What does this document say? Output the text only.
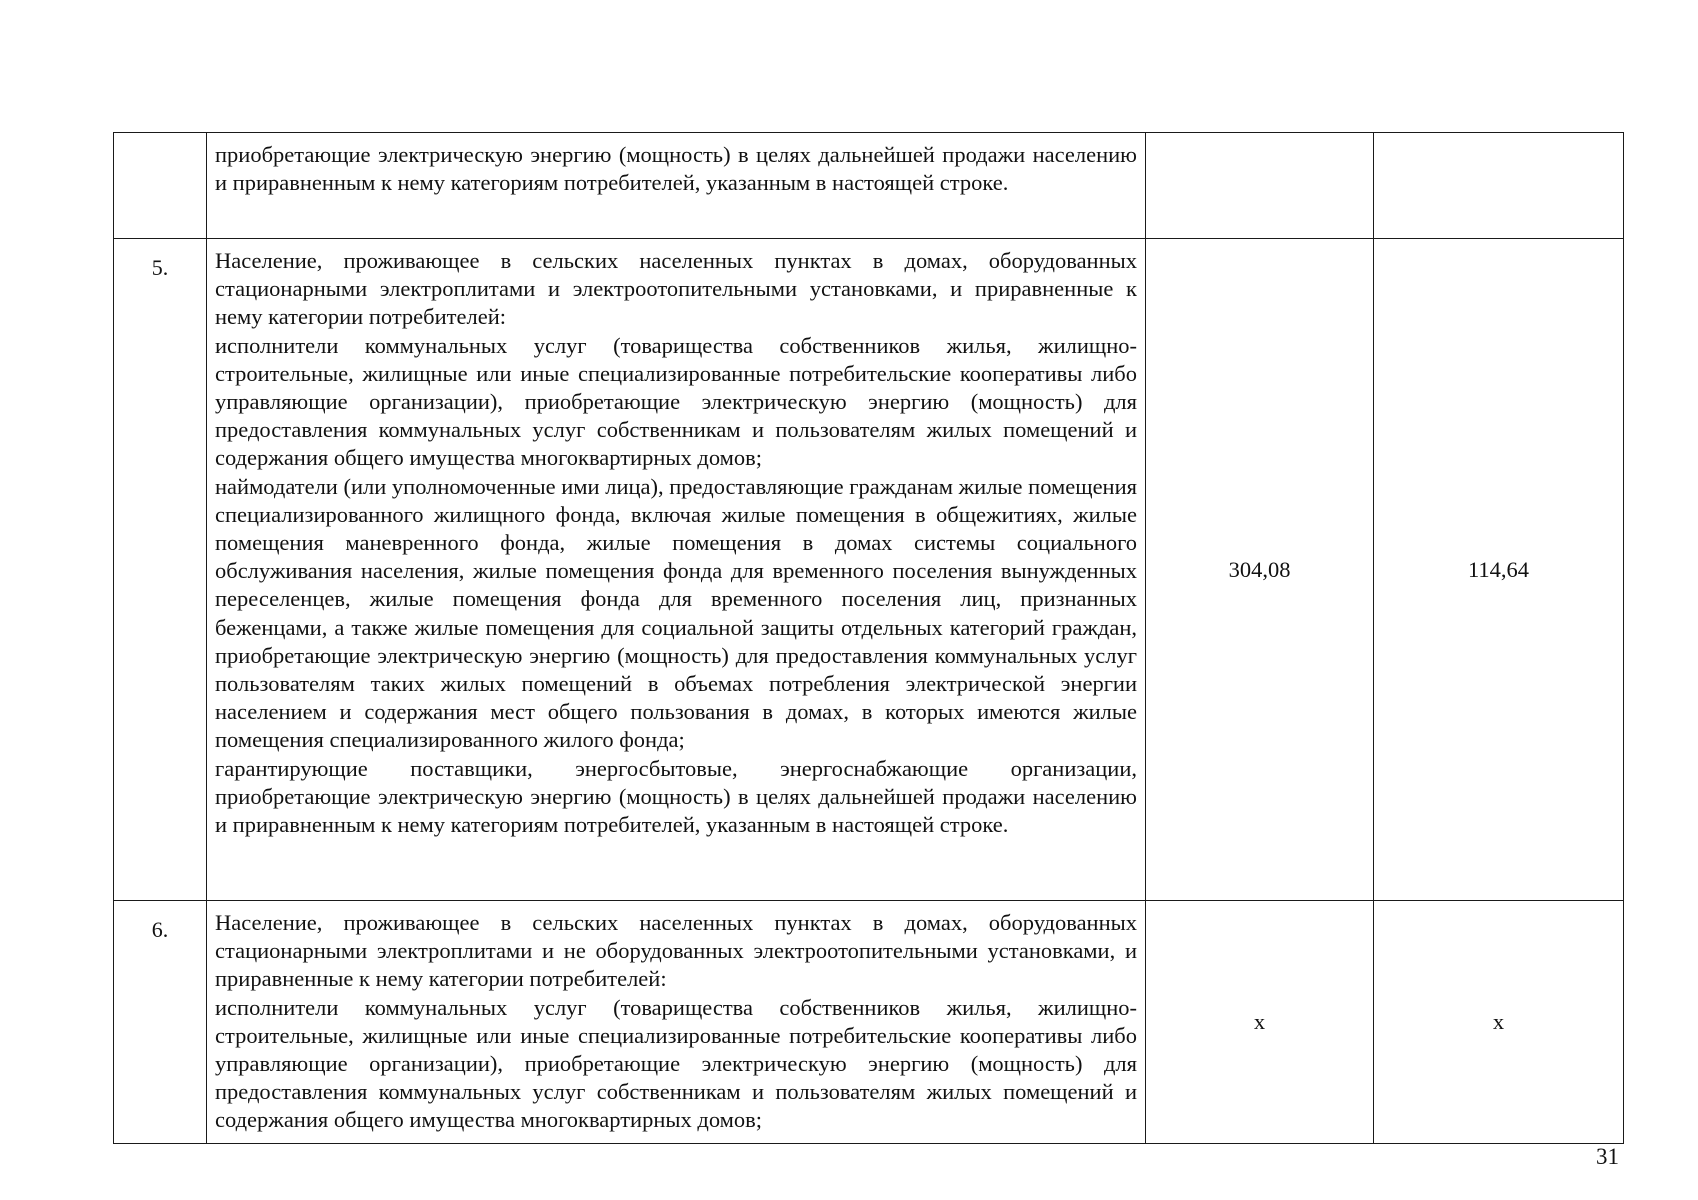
	приобретающие электрическую энергию (мощность) в целях дальнейшей продажи населению и приравненным к нему категориям потребителей, указанным в настоящей строке.		

5.	Население, проживающее в сельских населенных пунктах в домах, оборудованных стационарными электроплитами и электроотопительными установками, и приравненные к нему категории потребителей:

исполнители коммунальных услуг (товарищества собственников жилья, жилищно-строительные, жилищные или иные специализированные потребительские кооперативы либо управляющие организации), приобретающие электрическую энергию (мощность) для предоставления коммунальных услуг собственникам и пользователям жилых помещений и содержания общего имущества многоквартирных домов;

наймодатели (или уполномоченные ими лица), предоставляющие гражданам жилые помещения специализированного жилищного фонда, включая жилые помещения в общежитиях, жилые помещения маневренного фонда, жилые помещения в домах системы социального обслуживания населения, жилые помещения фонда для временного поселения вынужденных переселенцев, жилые помещения фонда для временного поселения лиц, признанных беженцами, а также жилые помещения для социальной защиты отдельных категорий граждан, приобретающие электрическую энергию (мощность) для предоставления коммунальных услуг пользователям таких жилых помещений в объемах потребления электрической энергии населением и содержания мест общего пользования в домах, в которых имеются жилые помещения специализированного жилого фонда;

гарантирующие поставщики, энергосбытовые, энергоснабжающие организации, приобретающие электрическую энергию (мощность) в целях дальнейшей продажи населению и приравненным к нему категориям потребителей, указанным в настоящей строке.	304,08	114,64
6.	Население, проживающее в сельских населенных пунктах в домах, оборудованных стационарными электроплитами и не оборудованных электроотопительными установками, и приравненные к нему категории потребителей:

исполнители коммунальных услуг (товарищества собственников жилья, жилищно-строительные, жилищные или иные специализированные потребительские кооперативы либо управляющие организации), приобретающие электрическую энергию (мощность) для предоставления коммунальных услуг собственникам и пользователям жилых помещений и содержания общего имущества многоквартирных домов;	x	x
31
